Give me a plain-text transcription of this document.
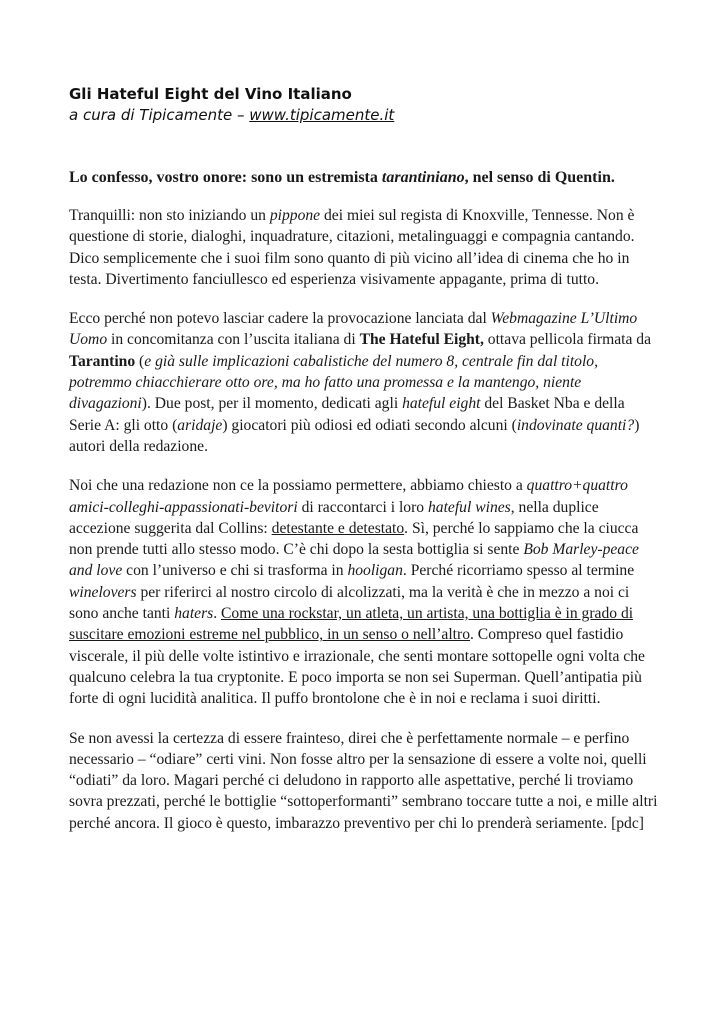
Gli Hateful Eight del Vino Italiano

a cura di Tipicamente – www.tipicamente.it

Lo confesso, vostro onore: sono un estremista tarantiniano, nel senso di Quentin.

Tranquilli: non sto iniziando un pippone dei miei sul regista di Knoxville, Tennesse. Non è questione di storie, dialoghi, inquadrature, citazioni, metalinguaggi e compagnia cantando. Dico semplicemente che i suoi film sono quanto di più vicino all’idea di cinema che ho in testa. Divertimento fanciullesco ed esperienza visivamente appagante, prima di tutto.

Ecco perché non potevo lasciar cadere la provocazione lanciata dal Webmagazine L’Ultimo Uomo in concomitanza con l’uscita italiana di The Hateful Eight, ottava pellicola firmata da Tarantino (e già sulle implicazioni cabalistiche del numero 8, centrale fin dal titolo, potremmo chiacchierare otto ore, ma ho fatto una promessa e la mantengo, niente divagazioni). Due post, per il momento, dedicati agli hateful eight del Basket Nba e della Serie A: gli otto (aridaje) giocatori più odiosi ed odiati secondo alcuni (indovinate quanti?) autori della redazione.

Noi che una redazione non ce la possiamo permettere, abbiamo chiesto a quattro+quattro amici-colleghi-appassionati-bevitori di raccontarci i loro hateful wines, nella duplice accezione suggerita dal Collins: detestante e detestato. Sì, perché lo sappiamo che la ciucca non prende tutti allo stesso modo. C’è chi dopo la sesta bottiglia si sente Bob Marley-peace and love con l’universo e chi si trasforma in hooligan. Perché ricorriamo spesso al termine winelovers per riferirci al nostro circolo di alcolizzati, ma la verità è che in mezzo a noi ci sono anche tanti haters. Come una rockstar, un atleta, un artista, una bottiglia è in grado di suscitare emozioni estreme nel pubblico, in un senso o nell’altro. Compreso quel fastidio viscerale, il più delle volte istintivo e irrazionale, che senti montare sottopelle ogni volta che qualcuno celebra la tua cryptonite. E poco importa se non sei Superman. Quell’antipatia più forte di ogni lucidità analitica. Il puffo brontolone che è in noi e reclama i suoi diritti.

Se non avessi la certezza di essere frainteso, direi che è perfettamente normale – e perfino necessario – “odiare” certi vini. Non fosse altro per la sensazione di essere a volte noi, quelli “odiati” da loro. Magari perché ci deludono in rapporto alle aspettative, perché li troviamo sovra prezzati, perché le bottiglie “sottoperformanti” sembrano toccare tutte a noi, e mille altri perché ancora. Il gioco è questo, imbarazzo preventivo per chi lo prenderà seriamente. [pdc]
